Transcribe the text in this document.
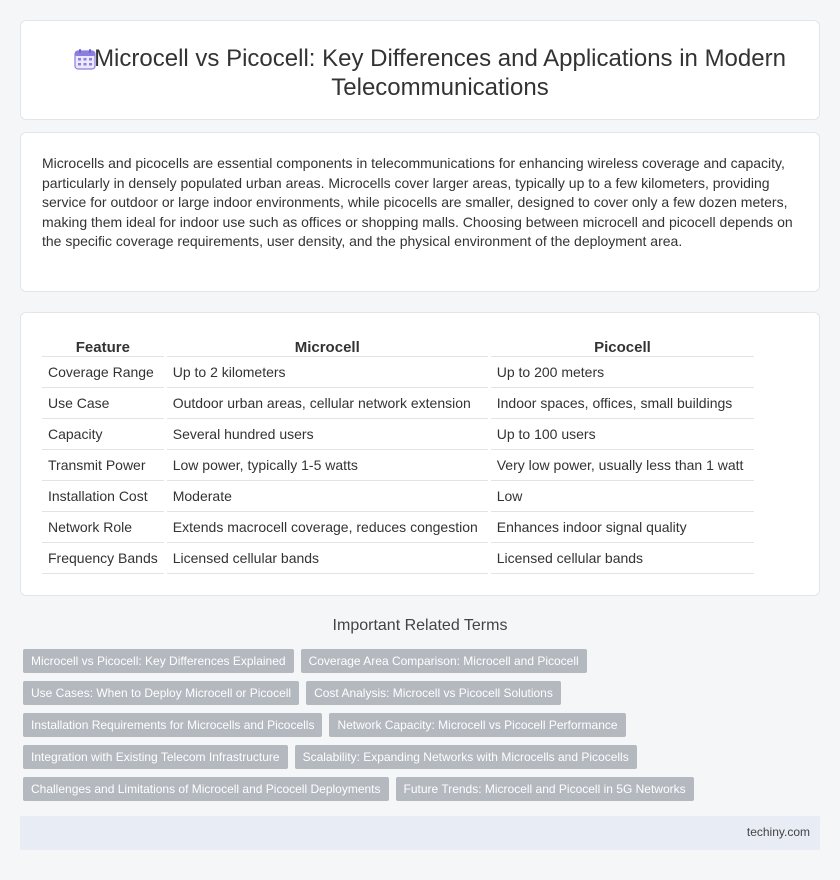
Microcell vs Picocell: Key Differences and Applications in Modern Telecommunications

Microcells and picocells are essential components in telecommunications for enhancing wireless coverage and capacity, particularly in densely populated urban areas. Microcells cover larger areas, typically up to a few kilometers, providing service for outdoor or large indoor environments, while picocells are smaller, designed to cover only a few dozen meters, making them ideal for indoor use such as offices or shopping malls. Choosing between microcell and picocell depends on the specific coverage requirements, user density, and the physical environment of the deployment area.

Feature	Microcell	Picocell
Coverage Range	Up to 2 kilometers	Up to 200 meters
Use Case	Outdoor urban areas, cellular network extension	Indoor spaces, offices, small buildings
Capacity	Several hundred users	Up to 100 users
Transmit Power	Low power, typically 1-5 watts	Very low power, usually less than 1 watt
Installation Cost	Moderate	Low
Network Role	Extends macrocell coverage, reduces congestion	Enhances indoor signal quality
Frequency Bands	Licensed cellular bands	Licensed cellular bands
Important Related Terms
Microcell vs Picocell: Key Differences Explained	Coverage Area Comparison: Microcell and Picocell
Use Cases: When to Deploy Microcell or Picocell	Cost Analysis: Microcell vs Picocell Solutions
Installation Requirements for Microcells and Picocells	Network Capacity: Microcell vs Picocell Performance
Integration with Existing Telecom Infrastructure	Scalability: Expanding Networks with Microcells and Picocells
Challenges and Limitations of Microcell and Picocell Deployments	Future Trends: Microcell and Picocell in 5G Networks
techiny.com
